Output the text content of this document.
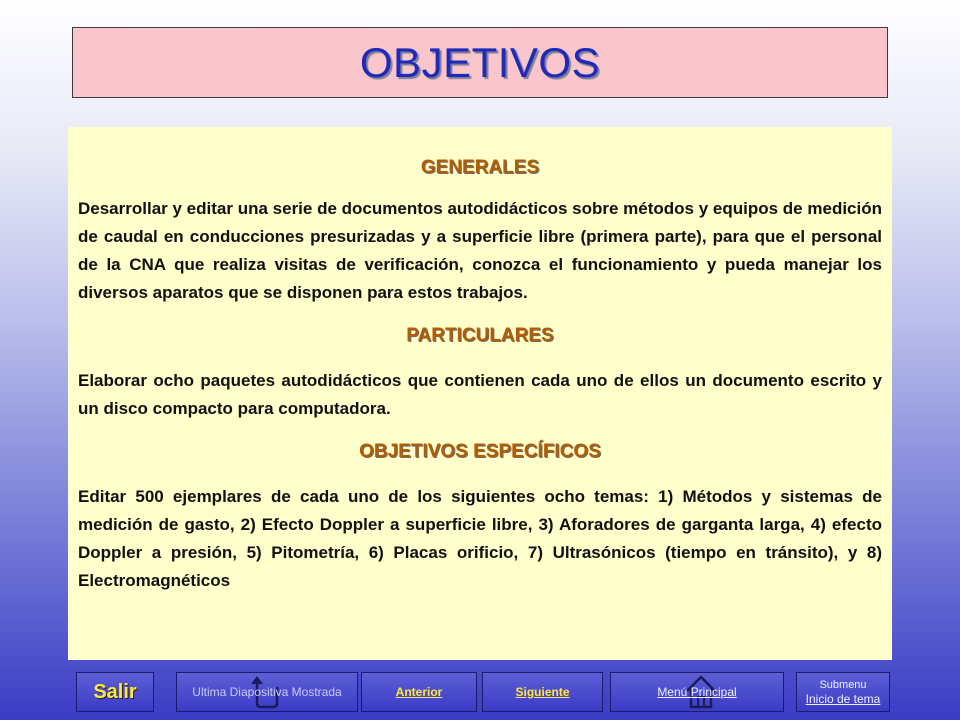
OBJETIVOS
GENERALES

Desarrollar y editar una serie de documentos autodidácticos sobre métodos y equipos de medición de caudal en conducciones presurizadas y a superficie libre (primera parte), para que el personal de la CNA que realiza visitas de verificación, conozca el funcionamiento y pueda manejar los diversos aparatos que se disponen para estos trabajos.

PARTICULARES

Elaborar ocho paquetes autodidácticos que contienen cada uno de ellos un documento escrito y un disco compacto para computadora.

OBJETIVOS ESPECÍFICOS

Editar 500 ejemplares de cada uno de los siguientes ocho temas: 1) Métodos y sistemas de medición de gasto, 2) Efecto Doppler a superficie libre, 3) Aforadores de garganta larga, 4) efecto Doppler a presión, 5) Pitometría, 6) Placas orificio, 7) Ultrasónicos (tiempo en tránsito), y 8) Electromagnéticos

Salir	Ultima Diapositiva Mostrada	Anterior	Siguiente	Menú Principal	Submenu
Inicio de tema
